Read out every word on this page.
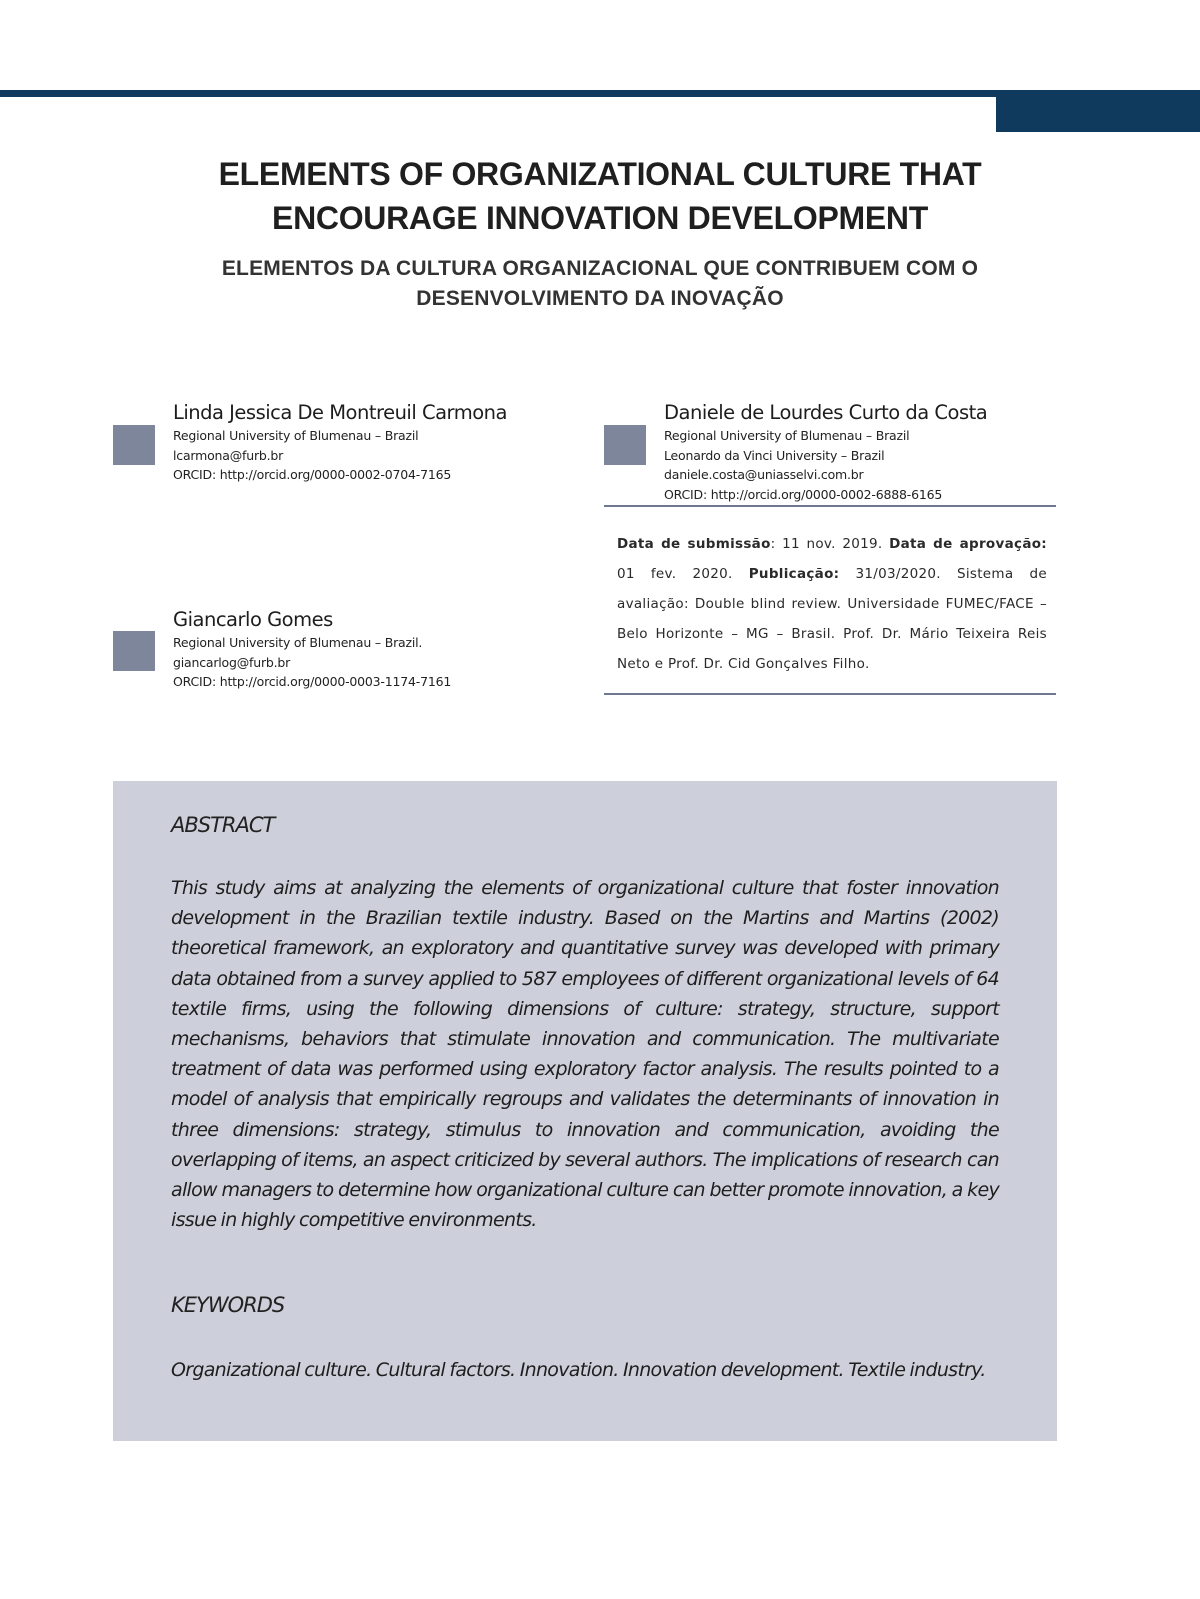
ELEMENTS OF ORGANIZATIONAL CULTURE THAT
ENCOURAGE INNOVATION DEVELOPMENT
ELEMENTOS DA CULTURA ORGANIZACIONAL QUE CONTRIBUEM COM O
DESENVOLVIMENTO DA INOVAÇÃO

Linda Jessica De Montreuil Carmona

Regional University of Blumenau – Brazil

lcarmona@furb.br

ORCID: http://orcid.org/0000-0002-0704-7165

Giancarlo Gomes

Regional University of Blumenau – Brazil.

giancarlog@furb.br

ORCID: http://orcid.org/0000-0003-1174-7161

Daniele de Lourdes Curto da Costa

Regional University of Blumenau – Brazil

Leonardo da Vinci University – Brazil

daniele.costa@uniasselvi.com.br

ORCID: http://orcid.org/0000-0002-6888-6165

Data de submissão: 11 nov. 2019. Data de aprovação: 01 fev. 2020. Publicação: 31/03/2020. Sistema de avaliação: Double blind review. Universidade FUMEC/FACE – Belo Horizonte – MG – Brasil. Prof. Dr. Mário Teixeira Reis Neto e Prof. Dr. Cid Gonçalves Filho.

ABSTRACT

This study aims at analyzing the elements of organizational culture that foster innovation development in the Brazilian textile industry. Based on the Martins and Martins (2002) theoretical framework, an exploratory and quantitative survey was developed with primary data obtained from a survey applied to 587 employees of different organizational levels of 64 textile firms, using the following dimensions of culture: strategy, structure, support mechanisms, behaviors that stimulate innovation and communication. The multivariate treatment of data was performed using exploratory factor analysis. The results pointed to a model of analysis that empirically regroups and validates the determinants of innovation in three dimensions: strategy, stimulus to innovation and communication, avoiding the overlapping of items, an aspect criticized by several authors. The implications of research can allow managers to determine how organizational culture can better promote innovation, a key issue in highly competitive environments.

KEYWORDS

Organizational culture. Cultural factors. Innovation. Innovation development. Textile industry.
